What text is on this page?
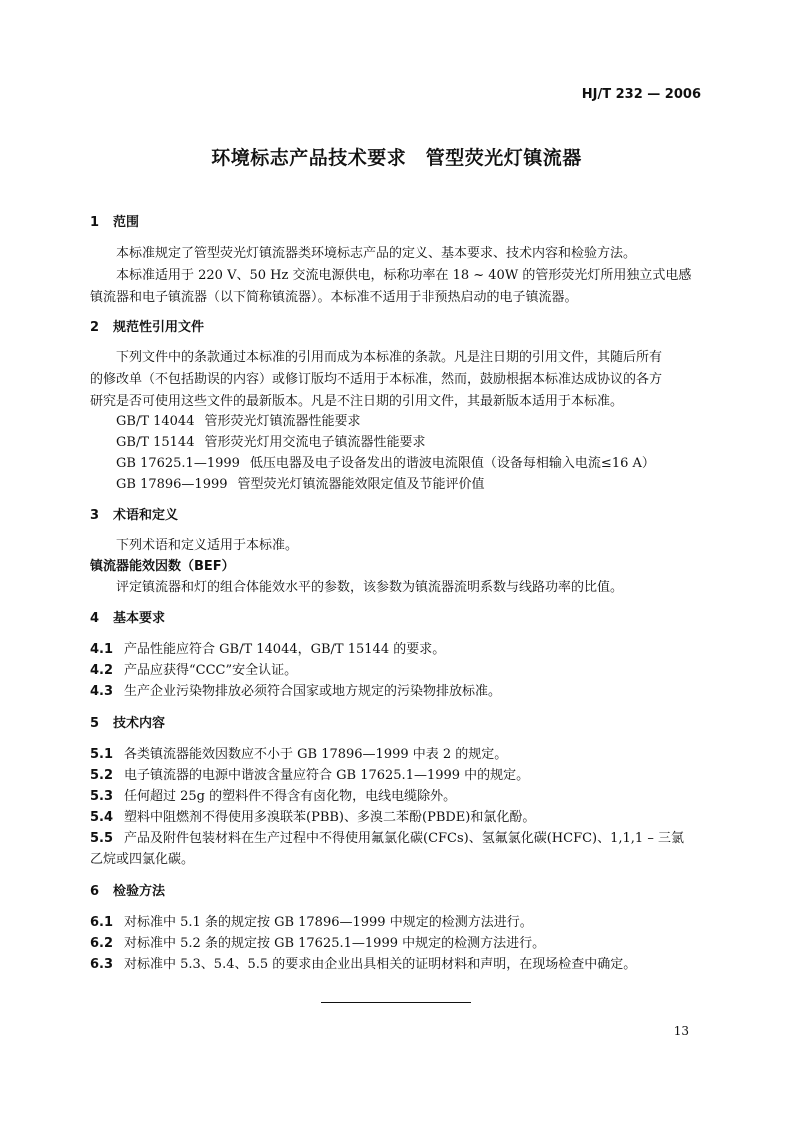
HJ/T 232 — 2006
环境标志产品技术要求　管型荧光灯镇流器
1 范围
本标准规定了管型荧光灯镇流器类环境标志产品的定义、基本要求、技术内容和检验方法。
本标准适用于 220 V、50 Hz 交流电源供电，标称功率在 18 ~ 40W 的管形荧光灯所用独立式电感
镇流器和电子镇流器（以下简称镇流器）。本标准不适用于非预热启动的电子镇流器。
2 规范性引用文件
下列文件中的条款通过本标准的引用而成为本标准的条款。凡是注日期的引用文件，其随后所有
的修改单（不包括勘误的内容）或修订版均不适用于本标准，然而，鼓励根据本标准达成协议的各方
研究是否可使用这些文件的最新版本。凡是不注日期的引用文件，其最新版本适用于本标准。
GB/T 14044 管形荧光灯镇流器性能要求
GB/T 15144 管形荧光灯用交流电子镇流器性能要求
GB 17625.1—1999 低压电器及电子设备发出的谐波电流限值（设备每相输入电流≤16 A）
GB 17896—1999 管型荧光灯镇流器能效限定值及节能评价值
3 术语和定义
下列术语和定义适用于本标准。
镇流器能效因数（BEF）
评定镇流器和灯的组合体能效水平的参数，该参数为镇流器流明系数与线路功率的比值。
4 基本要求
4.1 产品性能应符合 GB/T 14044，GB/T 15144 的要求。
4.2 产品应获得“CCC”安全认证。
4.3 生产企业污染物排放必须符合国家或地方规定的污染物排放标准。
5 技术内容
5.1 各类镇流器能效因数应不小于 GB 17896—1999 中表 2 的规定。
5.2 电子镇流器的电源中谐波含量应符合 GB 17625.1—1999 中的规定。
5.3 任何超过 25g 的塑料件不得含有卤化物，电线电缆除外。
5.4 塑料中阻燃剂不得使用多溴联苯(PBB)、多溴二苯酚(PBDE)和氯化酚。
5.5 产品及附件包装材料在生产过程中不得使用氟氯化碳(CFCs)、氢氟氯化碳(HCFC)、1,1,1 – 三氯
乙烷或四氯化碳。
6 检验方法
6.1 对标准中 5.1 条的规定按 GB 17896—1999 中规定的检测方法进行。
6.2 对标准中 5.2 条的规定按 GB 17625.1—1999 中规定的检测方法进行。
6.3 对标准中 5.3、5.4、5.5 的要求由企业出具相关的证明材料和声明，在现场检查中确定。
13
